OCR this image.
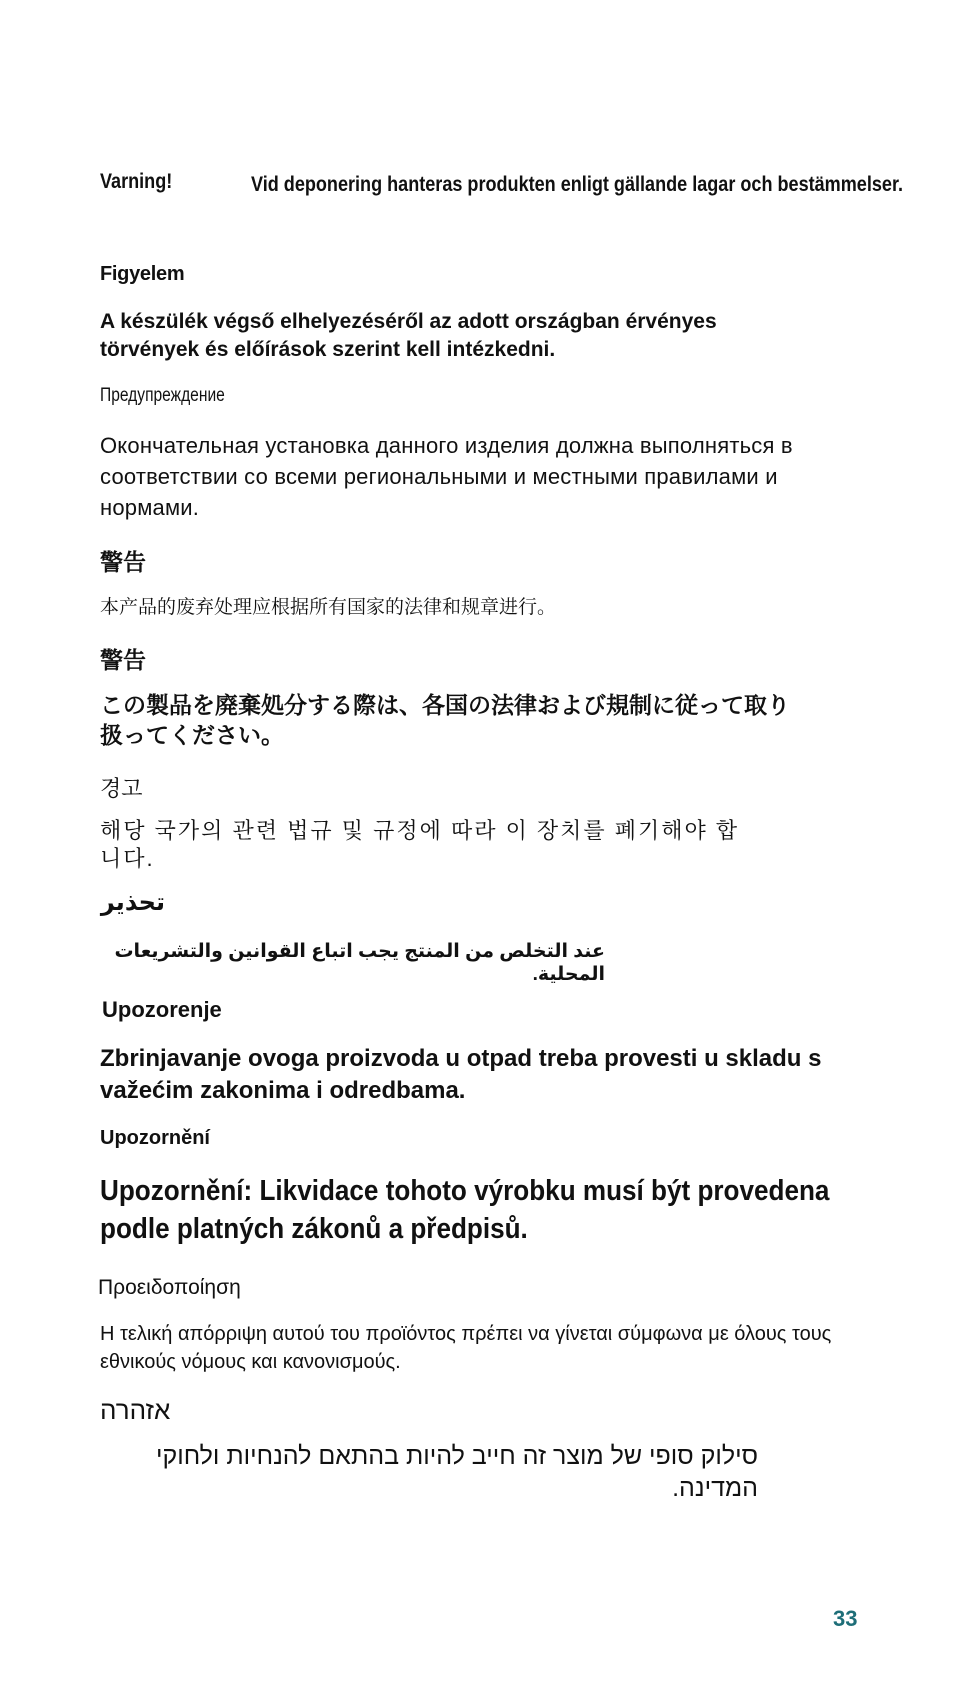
Varning!	Vid deponering hanteras produkten enligt gällande lagar och bestämmelser.
Figyelem
A készülék végső elhelyezéséről az adott országban érvényes törvények és előírások szerint kell intézkedni.
Предупреждение
Окончательная установка данного изделия должна выполняться в соответствии со всеми региональными и местными правилами и нормами.
警告
本产品的废弃处理应根据所有国家的法律和规章进行。
警告
この製品を廃棄処分する際は、各国の法律および規制に従って取り扱ってください。
경고
해당 국가의 관련 법규 및 규정에 따라 이 장치를 폐기해야 합니다.
تحذير
عند التخلص من المنتج يجب اتباع القوانين والتشريعات المحلية.
Upozorenje
Zbrinjavanje ovoga proizvoda u otpad treba provesti u skladu s važećim zakonima i odredbama.
Upozornění
Upozornění: Likvidace tohoto výrobku musí být provedena podle platných zákonů a předpisů.
Προειδοποίηση
Η τελική απόρριψη αυτού του προϊόντος πρέπει να γίνεται σύμφωνα με όλους τους εθνικούς νόμους και κανονισμούς.
אזהרה
סילוק סופי של מוצר זה חייב להיות בהתאם להנחיות ולחוקי המדינה.
33
